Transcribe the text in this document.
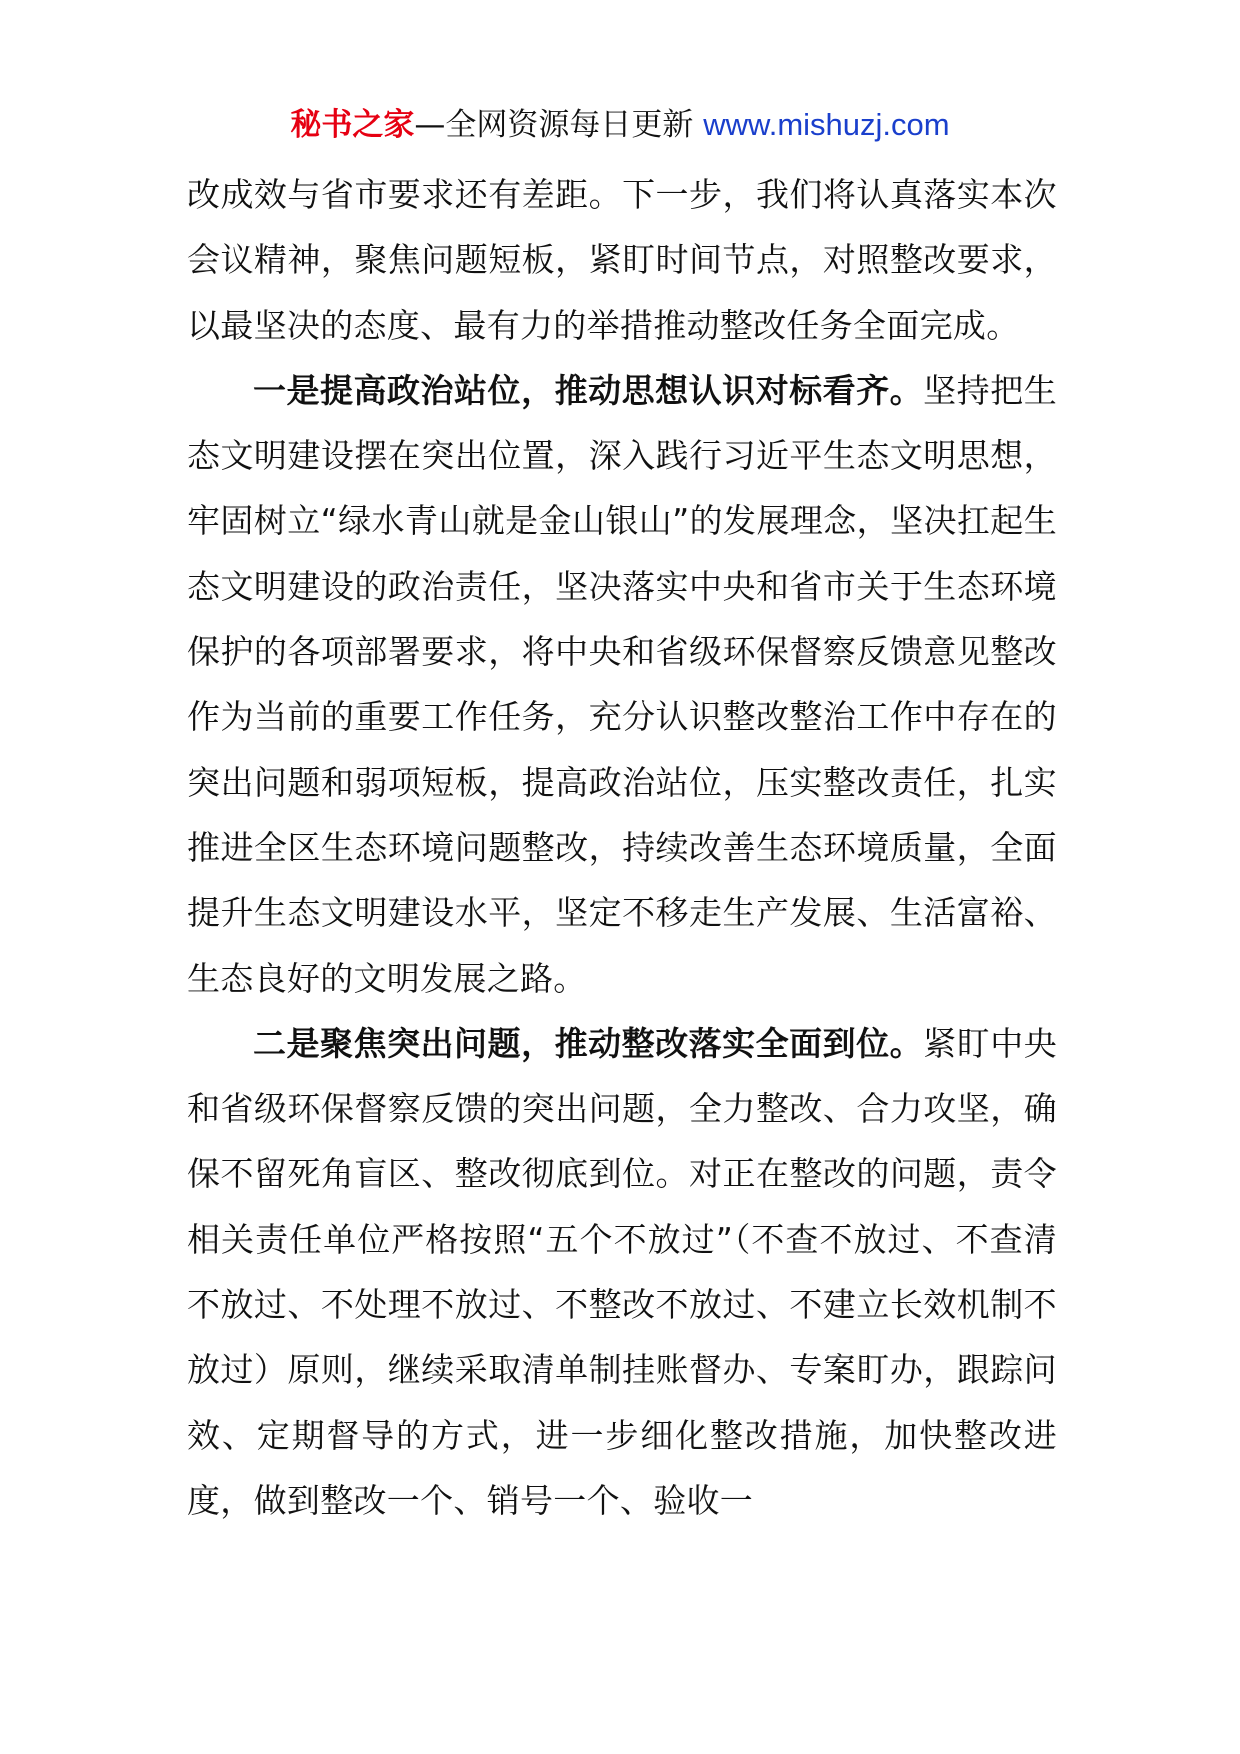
秘书之家—全网资源每日更新 www.mishuzj.com

改成效与省市要求还有差距。下一步，我们将认真落实本次会议精神，聚焦问题短板，紧盯时间节点，对照整改要求，以最坚决的态度、最有力的举措推动整改任务全面完成。

一是提高政治站位，推动思想认识对标看齐。坚持把生态文明建设摆在突出位置，深入践行习近平生态文明思想，牢固树立“绿水青山就是金山银山”的发展理念，坚决扛起生态文明建设的政治责任，坚决落实中央和省市关于生态环境保护的各项部署要求，将中央和省级环保督察反馈意见整改作为当前的重要工作任务，充分认识整改整治工作中存在的突出问题和弱项短板，提高政治站位，压实整改责任，扎实推进全区生态环境问题整改，持续改善生态环境质量，全面提升生态文明建设水平，坚定不移走生产发展、生活富裕、生态良好的文明发展之路。

二是聚焦突出问题，推动整改落实全面到位。紧盯中央和省级环保督察反馈的突出问题，全力整改、合力攻坚，确保不留死角盲区、整改彻底到位。对正在整改的问题，责令相关责任单位严格按照“五个不放过”（不查不放过、不查清不放过、不处理不放过、不整改不放过、不建立长效机制不放过）原则，继续采取清单制挂账督办、专案盯办，跟踪问效、定期督导的方式，进一步细化整改措施，加快整改进度，做到整改一个、销号一个、验收一
